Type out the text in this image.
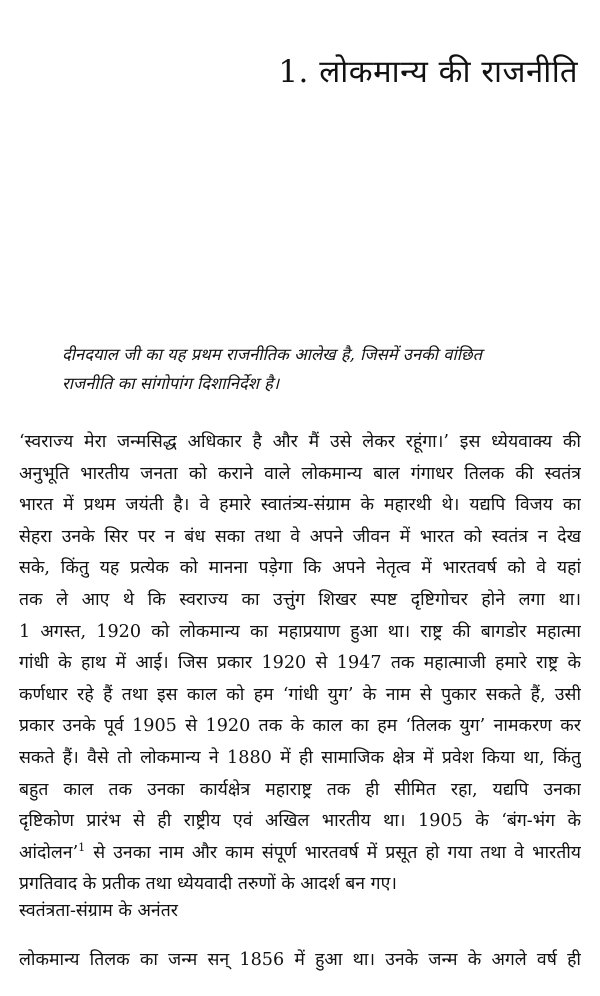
1. लोकमान्य की राजनीति
दीनदयाल जी का यह प्रथम राजनीतिक आलेख है, जिसमें उनकी वांछित
राजनीति का सांगोपांग दिशानिर्देश है।
‘स्वराज्य मेरा जन्मसिद्ध अधिकार है और मैं उसे लेकर रहूंगा।’ इस ध्येयवाक्य की
अनुभूति भारतीय जनता को कराने वाले लोकमान्य बाल गंगाधर तिलक की स्वतंत्र
भारत में प्रथम जयंती है। वे हमारे स्वातंत्र्य-संग्राम के महारथी थे। यद्यपि विजय का
सेहरा उनके सिर पर न बंध सका तथा वे अपने जीवन में भारत को स्वतंत्र न देख
सके, किंतु यह प्रत्येक को मानना पड़ेगा कि अपने नेतृत्व में भारतवर्ष को वे यहां
तक ले आए थे कि स्वराज्य का उत्तुंग शिखर स्पष्ट दृष्टिगोचर होने लगा था।
1 अगस्त, 1920 को लोकमान्य का महाप्रयाण हुआ था। राष्ट्र की बागडोर महात्मा
गांधी के हाथ में आई। जिस प्रकार 1920 से 1947 तक महात्माजी हमारे राष्ट्र के
कर्णधार रहे हैं तथा इस काल को हम ‘गांधी युग’ के नाम से पुकार सकते हैं, उसी
प्रकार उनके पूर्व 1905 से 1920 तक के काल का हम ‘तिलक युग’ नामकरण कर
सकते हैं। वैसे तो लोकमान्य ने 1880 में ही सामाजिक क्षेत्र में प्रवेश किया था, किंतु
बहुत काल तक उनका कार्यक्षेत्र महाराष्ट्र तक ही सीमित रहा, यद्यपि उनका
दृष्टिकोण प्रारंभ से ही राष्ट्रीय एवं अखिल भारतीय था। 1905 के ‘बंग-भंग के
आंदोलन’$^1$ से उनका नाम और काम संपूर्ण भारतवर्ष में प्रसूत हो गया तथा वे भारतीय
प्रगतिवाद के प्रतीक तथा ध्येयवादी तरुणों के आदर्श बन गए।
स्वतंत्रता-संग्राम के अनंतर
लोकमान्य तिलक का जन्म सन् 1856 में हुआ था। उनके जन्म के अगले वर्ष ही
